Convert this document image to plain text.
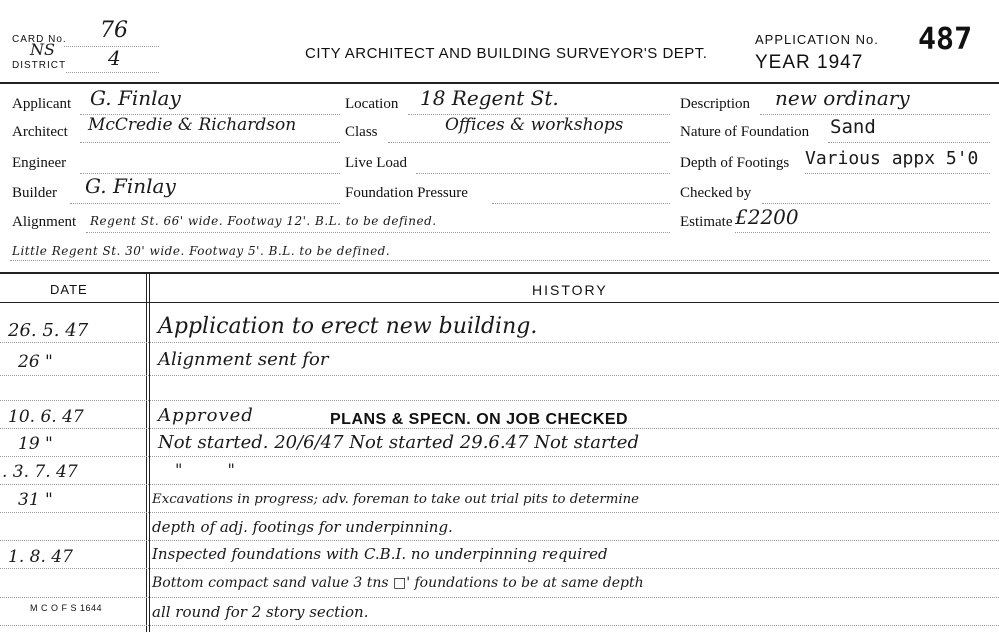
CARD No. 76
DISTRICT
NS	4	CITY ARCHITECT AND BUILDING SURVEYOR'S DEPT.
APPLICATION No. 487
YEAR 1947
Applicant G. Finlay	Location 18 Regent St.	Description new ordinary
Architect McCredie & Richardson	Class	Offices & workshops	Nature of Foundation Sand
Engineer	Live Load	Depth of Footings Various appx 5'0
Builder G. Finlay	Foundation Pressure	Checked by
Alignment Regent St. 66' wide. Footway 12'. B.L. to be defined.	Estimate £2200
Little Regent St. 30' wide. Footway 5'. B.L. to be defined.
DATE	HISTORY
26. 5. 47	Application to erect new building.
26 "	Alignment sent for
10. 6. 47	Approved	PLANS & SPECN. ON JOB CHECKED
19 "	Not started. 20/6/47 Not started 29.6.47 Not started
. 3. 7. 47	" "
31 "	Excavations in progress; adv. foreman to take out trial pits to determine
depth of adj. footings for underpinning.
1. 8. 47	Inspected foundations with C.B.I. no underpinning required
Bottom compact sand value 3 tns □' foundations to be at same depth
all round for 2 story section.
M C O F S 1644
